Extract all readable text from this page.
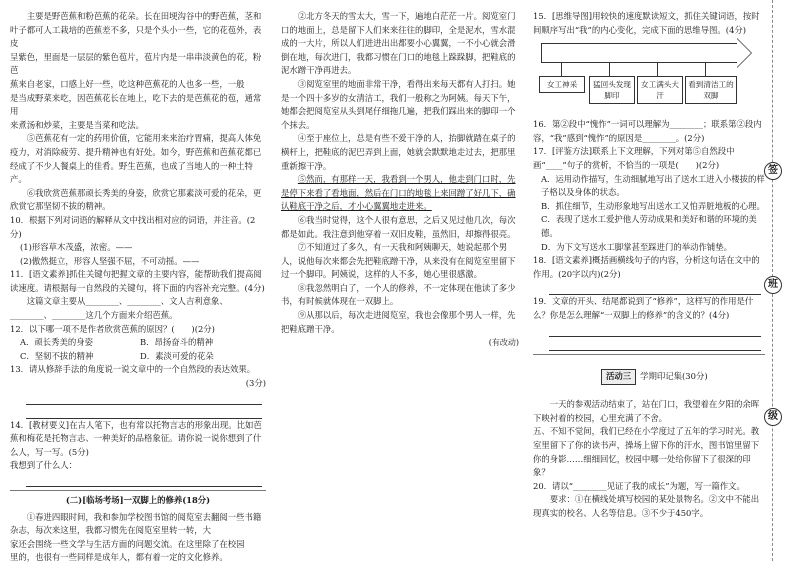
主要是野芭蕉和粉芭蕉的花朵。长在田埂沟谷中的野芭蕉，茎和

叶子都可人工栽培的芭蕉差不多，只是个头小一些，它的花苞外，表皮

呈紫色，里面是一层层的紫色苞片，苞片内是一串串淡黄色的花，粉芭

蕉来自老家，口感上好一些，吃这种芭蕉花的人也多一些，一般

是当成野菜来吃，因芭蕉花长在地上，吃下去的是芭蕉花的苞，通常用

来煮汤和炒菜，主要是当菜和吃法。

⑤芭蕉花有一定的药用价值，它能用来来治疗胃痛，提高人体免疫力，对消除疲劳、提升精神也有好处。如今，野芭蕉和芭蕉花都已经成了不少人餐桌上的佳肴。野生芭蕉，也成了当地人的一种土特产。

⑥我欣赏芭蕉那顽长秀美的身姿，欣赏它那素淡可爱的花朵，更欣赏它那坚韧不拔的精神。

10．根据下列对词语的解释从文中找出相对应的词语，并注音。(2分)

(1)形容草木茂盛，浓密。——

(2)傲然挺立，形容人坚强不屈，不可动摇。——

11．[语文素养]抓住关键句把握文章的主要内容，能帮助我们提高阅读速度。请根据每一自然段的关键句，将下面的内容补充完整。(4分)

这篇文章主要从________、________、文人吉利意象、________、________这几个方面来介绍芭蕉。

12．以下哪一项不是作者欣赏芭蕉的原因？(　　)(2分)

A．顽长秀美的身姿	B．昂扬奋斗的精神
C．坚韧不拔的精神	D．素淡可爱的花朵

13．请从修辞手法的角度说一说文章中的一个自然段的表达效果。

(3分)

14．[教材要义]在古人笔下，也有常以托物言志的形象出现。比如芭蕉和梅花是托物言志、一种美好的品格象征。请你说一说你想到了什么人，写一写。(5分)

我想到了什么人：

(二)[临场考场]一双脚上的修养(18分)

①春进四眼时间，我和参加学校图书馆的阅览室去翻阅一些书籍杂志，每次来这里，我都习惯先在阅览室里转一转，大

家还会围绕一些文学与生活方面的问题交流。在这里除了在校园

里的，也很有一些同样是成年人，都有着一定的文化修养。

②北方冬天的雪太大，雪一下，遍地白茫茫一片。阅览室门口的地面上，总是留下人们来来往往的脚印，全是泥水，雪水混成的一大片，所以人们进进出出都要小心翼翼，一不小心就会滑倒在地，每次进门，我都习惯在门口的地毯上跺跺脚，把鞋底的泥水蹭干净再进去。

③阅览室里的地面非常干净，看得出来每天都有人打扫。她是一个四十多岁的女清洁工，我们一般称之为阿姨。每天下午，她都会把阅览室从头到尾仔细拖几遍，把我们踩出来的脚印一个个抹去。

④至于座位上，总是有些不爱干净的人，抬脚就踏在桌子的横杆上，把鞋底的泥巴弄到上面，她就会默默地走过去，把那里重新擦干净。

⑤然而，有那样一天，我看到一个男人，他走到门口时，先是停下来看了看地面，然后在门口的地毯上来回蹭了好几下，确认鞋底干净之后，才小心翼翼地走进来。

⑥我当时觉得，这个人很有意思，之后又见过他几次，每次都是如此。我注意到他穿着一双旧皮鞋，虽然旧，却擦得很亮。

⑦不知道过了多久，有一天我和阿姨聊天，她说起那个男人，说他每次来都会先把鞋底蹭干净，从来没有在阅览室里留下过一个脚印。阿姨说，这样的人不多，她心里很感激。

⑧我忽然明白了，一个人的修养，不一定体现在他读了多少书，有时候就体现在一双脚上。

⑨从那以后，每次走进阅览室，我也会像那个男人一样，先把鞋底蹭干净。

(有改动)

15．[思维导图]用较快的速度默读短文，抓住关键词语，按时间顺序写出“我”的内心变化，完成下面的思维导图。(4分)

女工神采	猛回头发现脚印
女工满头大汗
看到清洁工的双脚

16．第②段中“愧怍”一词可以理解为________；联系第②段内容，“我”感到“愧怍”的原因是________。(2分)

17．[评鉴方法]联系上下文理解，下列对第⑤自然段中画“____”句子的赏析，不恰当的一项是(　　)(2分)

A．运用动作描写，生动细腻地写出了送水工进入小楼拔的样子格以及身体的状态。

B．抓住细节，生动形象地写出送水工又怕弄脏地板的心理。

C．表现了送水工爱护他人劳动成果和美好和谐的环境的美德。

D．为下文写送水工脚掌甚至踩进门的举动作铺垫。

18．[语文素养]概括画横线句子的内容，分析这句话在文中的作用。(20字以内)(2分)

19．文章的开头、结尾都说到了“修养”，这样写的作用是什么？你是怎么理解“一双脚上的修养”的含义的？(4分)

活动三 学期印记集(30分)

一天的参观活动结束了，站在门口，我望着在夕阳的余晖下映衬着的校园，心里充满了不舍。

五、不知不觉间，我们已经在小学度过了五年的学习时光。教室里留下了你的读书声，操场上留下你的汗水，图书馆里留下你的身影……细细回忆，校园中哪一处给你留下了很深的印象？

20．请以“________见证了我的成长”为题，写一篇作文。

要求：①在横线处填写校园的某处景物名。②文中不能出现真实的校名、人名等信息。③不少于450字。

签
班
级
